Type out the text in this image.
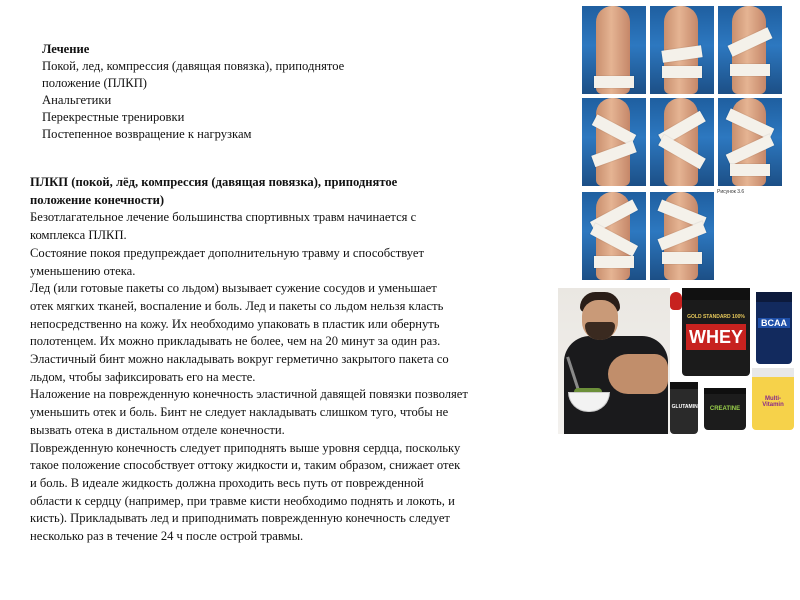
Лечение
Покой, лед, компрессия (давящая повязка), приподнятое
положение (ПЛКП)
Анальгетики
Перекрестные тренировки
Постепенное возвращение к нагрузкам
ПЛКП (покой, лёд, компрессия (давящая повязка), приподнятое
положение конечности)
Безотлагательное лечение большинства спортивных травм начинается с
комплекса ПЛКП.
Состояние покоя предупреждает дополнительную травму и способствует
уменьшению отека.
Лед (или готовые пакеты со льдом) вызывает сужение сосудов и уменьшает
отек мягких тканей, воспаление и боль. Лед и пакеты со льдом нельзя класть
непосредственно на кожу. Их необходимо упаковать в пластик или обернуть
полотенцем. Их можно прикладывать не более, чем на 20 минут за один раз.
Эластичный бинт можно накладывать вокруг герметично закрытого пакета со
льдом, чтобы зафиксировать его на месте.
Наложение на поврежденную конечность эластичной давящей повязки позволяет
уменьшить отек и боль. Бинт не следует накладывать слишком туго, чтобы не
вызвать отека в дистальном отделе конечности.
Поврежденную конечность следует приподнять выше уровня сердца, поскольку
такое положение способствует оттоку жидкости и, таким образом, снижает отек
и боль. В идеале жидкость должна проходить весь путь от поврежденной
области к сердцу (например, при травме кисти необходимо поднять и локоть, и
кисть). Прикладывать лед и приподнимать поврежденную конечность следует
несколько раз в течение 24 ч после острой травмы.
Рисунок 3.6
GOLD STANDARD 100%
WHEY
BCAA
GLUTAMINE	CREATINE
Multi-Vitamin
